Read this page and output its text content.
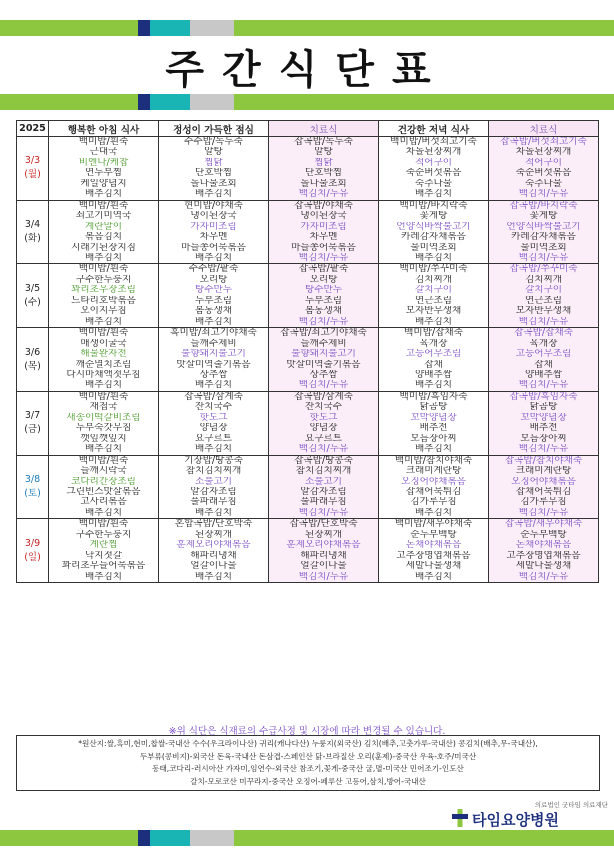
주간식단표
2025	행복한 아침 식사	정성이 가득한 점심	치료식	건강한 저녁 식사	치료식

3/3
(월)	백미밥/흰죽	수수밥/녹두죽	잡곡밥/녹두죽	백미밥/버섯쇠고기죽	잡곡밥/버섯쇠고기죽
	근대국	알탕	알탕	차돌된장찌개	차돌된장찌개
	비엔나/케찹	찜닭	찜닭	적어구이	적어구이
	연두부찜	단호박찜	단호박찜	죽순버섯볶음	죽순버섯볶음
	케일양념지	돌나물초회	돌나물초회	숙주나물	숙주나물
	배추김치	배추김치	백김치/두유	배추김치	백김치/두유

3/4
(화)	백미밥/흰죽	현미밥/야채죽	잡곡밥/야채죽	백미밥/바지락죽	잡곡밥/바지락죽
	쇠고기미역국	냉이된장국	냉이된장국	꽃게탕	꽃게탕
	계란말이	가자미조림	가자미조림	언양식바싹불고기	언양식바싹불고기
	볶음김치	차우멘	차우멘	카레감자채볶음	카레감자채볶음
	시래기된장지짐	마늘쫑어묵볶음	마늘쫑어묵볶음	물미역초회	물미역초회
	배추김치	배추김치	백김치/두유	배추김치	백김치/두유

3/5
(수)	백미밥/흰죽	수수밥/팥죽	잡곡밥/팥죽	백미밥/쭈꾸미죽	잡곡밥/쭈꾸미죽
	구수한누룽지	오리탕	오리탕	김치찌개	김치찌개
	꽈리초우장조림	탕수만두	탕수만두	갈치구이	갈치구이
	느타리호박볶음	두부조림	두부조림	연근조림	연근조림
	오이지무침	봄동생채	봄동생채	모자반무생채	모자반무생채
	배추김치	배추김치	백김치/두유	배추김치	백김치/두유

3/6
(목)	백미밥/흰죽	흑미밥/쇠고기야채죽	잡곡밥/쇠고기야채죽	백미밥/잡채죽	잡곡밥/잡채죽
	매생이굴국	들깨수제비	들깨수제비	육개장	육개장
	해물완자전	불향돼지불고기	불향돼지불고기	고등어무조림	고등어무조림
	깨순멸치조림	맛살미역줄기볶음	맛살미역줄기볶음	잡채	잡채
	다시마채액젓무침	상추쌈	상추쌈	양배추쌈	양배추쌈
	배추김치	배추김치	백김치/두유	배추김치	백김치/두유

3/7
(금)	백미밥/흰죽	잡곡밥/삼계죽	잡곡밥/삼계죽	백미밥/흑임자죽	잡곡밥/흑임자죽
	재첩국	잔치국수	잔치국수	닭곰탕	닭곰탕
	새송이떡갈비조림	핫도그	핫도그	꼬막양념장	꼬막양념장
	두부숙갓무침	양념장	양념장	배추전	배추전
	깻잎깻잎지	요구르트	요구르트	모듬장아찌	모듬장아찌
	배추김치	배추김치	백김치/두유	배추김치	백김치/두유

3/8
(토)	백미밥/흰죽	기장밥/땅콩죽	잡곡밥/땅콩죽	백미밥/참치야채죽	잡곡밥/참치야채죽
	들깨시락국	참치김치찌개	참치김치찌개	크래미계란탕	크래미계란탕
	코다리간장조림	소불고기	소불고기	오징어야채볶음	오징어야채볶음
	그린빈스맛살볶음	알감자조림	알감자조림	잡채어묵튀김	잡채어묵튀김
	고사리볶음	풀파래무침	풀파래무침	김가루무침	김가루무침
	배추김치	배추김치	백김치/두유	배추김치	백김치/두유

3/9
(일)	백미밥/흰죽	혼합곡밥/단호박죽	잡곡밥/단호박죽	백미밥/새우야채죽	잡곡밥/새우야채죽
	구수한누룽지	된장찌개	된장찌개	순두부백탕	순두부백탕
	계란찜	훈제오리야채볶음	훈제오리야채볶음	돈채야채볶음	돈채야채볶음
	낙지젓갈	해파리냉채	해파리냉채	고추장명엽채볶음	고추장명엽채볶음
	꽈리초무들어묵볶음	얼갈이나물	얼갈이나물	세발나물생채	세발나물생채
	배추김치	배추김치	백김치/두유	배추김치	백김치/두유
※위 식단은 식재료의 수급사정 및 시장에 따라 변경될 수 있습니다.
*원산지:쌀,흑미,현미,찹쌀-국내산 수수(우크라이나산) 귀리(캐나다산) 누룽지(외국산) 김치(배추,고춧가루-국내산) 콩김치(배추,무-국내산),
두부류(콩비지)-외국산 돈육-국내산 돈삼겹-스페인산 닭-브라질산 오리(훈제)-중국산 우육-호주/미국산
동태,코다리-러시아산 가자미,임연수-외국산 참조기,꽃게-중국산 굴,멸-미국산 민어조기-인도산
갈치-모로코산 미꾸라지-중국산 오징어-페루산 고등어,삼치,방어-국내산
의료법인 굿타임 의료재단
타임요양병원
